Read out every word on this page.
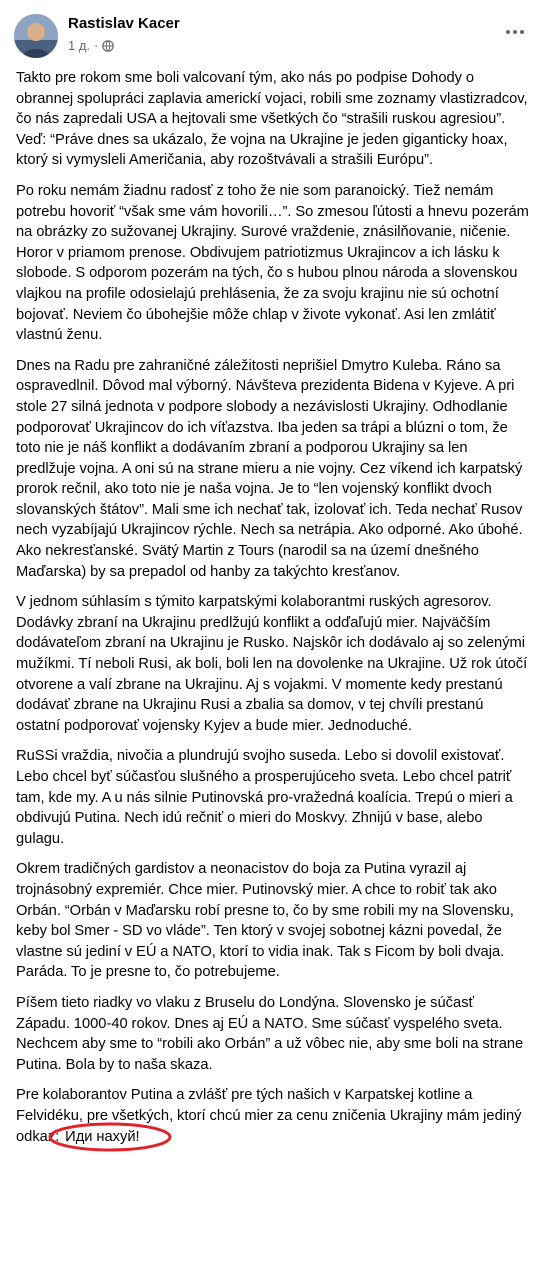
Rastislav Kacer
1 д. ·

Takto pre rokom sme boli valcovaní tým, ako nás po podpise Dohody o obrannej spolupráci zaplavia americkí vojaci, robili sme zoznamy vlastizradcov, čo nás zapredali USA a hejtovali sme všetkých čo “strašili ruskou agresiou”. Veď: “Práve dnes sa ukázalo, že vojna na Ukrajine je jeden giganticky hoax, ktorý si vymysleli Američania, aby rozoštvávali a strašili Európu”.

Po roku nemám žiadnu radosť z toho že nie som paranoický. Tiež nemám potrebu hovoriť “však sme vám hovorili…”. So zmesou ľútosti a hnevu pozerám na obrázky zo sužovanej Ukrajiny. Surové vraždenie, znásilňovanie, ničenie. Horor v priamom prenose. Obdivujem patriotizmus Ukrajincov a ich lásku k slobode. S odporom pozerám na tých, čo s hubou plnou národa a slovenskou vlajkou na profile odosielajú prehlásenia, že za svoju krajinu nie sú ochotní bojovať. Neviem čo úbohejšie môže chlap v živote vykonať. Asi len zmlátiť vlastnú ženu.

Dnes na Radu pre zahraničné záležitosti neprišiel Dmytro Kuleba. Ráno sa ospravedlnil. Dôvod mal výborný. Návšteva prezidenta Bidena v Kyjeve. A pri stole 27 silná jednota v podpore slobody a nezávislosti Ukrajiny. Odhodlanie podporovať Ukrajincov do ich víťazstva. Iba jeden sa trápi a blúzni o tom, že toto nie je náš konflikt a dodávaním zbraní a podporou Ukrajiny sa len predlžuje vojna. A oni sú na strane mieru a nie vojny. Cez víkend ich karpatský prorok rečnil, ako toto nie je naša vojna. Je to “len vojenský konflikt dvoch slovanských štátov”. Mali sme ich nechať tak, izolovať ich. Teda nechať Rusov nech vyzabíjajú Ukrajincov rýchle. Nech sa netrápia. Ako odporné. Ako úbohé. Ako nekresťanské. Svätý Martin z Tours (narodil sa na území dnešného Maďarska) by sa prepadol od hanby za takýchto kresťanov.

V jednom súhlasím s týmito karpatskými kolaborantmi ruských agresorov. Dodávky zbraní na Ukrajinu predlžujú konflikt a odďaľujú mier. Najväčším dodávateľom zbraní na Ukrajinu je Rusko. Najskôr ich dodávalo aj so zelenými mužíkmi. Tí neboli Rusi, ak boli, boli len na dovolenke na Ukrajine. Už rok útočí otvorene a valí zbrane na Ukrajinu. Aj s vojakmi. V momente kedy prestanú dodávať zbrane na Ukrajinu Rusi a zbalia sa domov, v tej chvíli prestanú ostatní podporovať vojensky Kyjev a bude mier. Jednoduché.

RuSSi vraždia, nivočia a plundrujú svojho suseda. Lebo si dovolil existovať. Lebo chcel byť súčasťou slušného a prosperujúceho sveta. Lebo chcel patriť tam, kde my. A u nás silnie Putinovská pro-vražedná koalícia. Trepú o mieri a obdivujú Putina. Nech idú rečniť o mieri do Moskvy. Zhnijú v base, alebo gulagu.

Okrem tradičných gardistov a neonacistov do boja za Putina vyrazil aj trojnásobný expremiér. Chce mier. Putinovský mier. A chce to robiť tak ako Orbán. “Orbán v Maďarsku robí presne to, čo by sme robili my na Slovensku, keby bol Smer - SD vo vláde”. Ten ktorý v svojej sobotnej kázni povedal, že vlastne sú jediní v EÚ a NATO, ktorí to vidia inak. Tak s Ficom by boli dvaja. Paráda. To je presne to, čo potrebujeme.

Píšem tieto riadky vo vlaku z Bruselu do Londýna. Slovensko je súčasť Západu. 1000-40 rokov. Dnes aj EÚ a NATO. Sme súčasť vyspelého sveta. Nechcem aby sme to “robili ako Orbán” a už vôbec nie, aby sme boli na strane Putina. Bola by to naša skaza.

Pre kolaborantov Putina a zvlášť pre tých našich v Karpatskej kotline a Felvidéku, pre všetkých, ktorí chcú mier za cenu zničenia Ukrajiny mám jediný odkaz: Иди нахуй!
